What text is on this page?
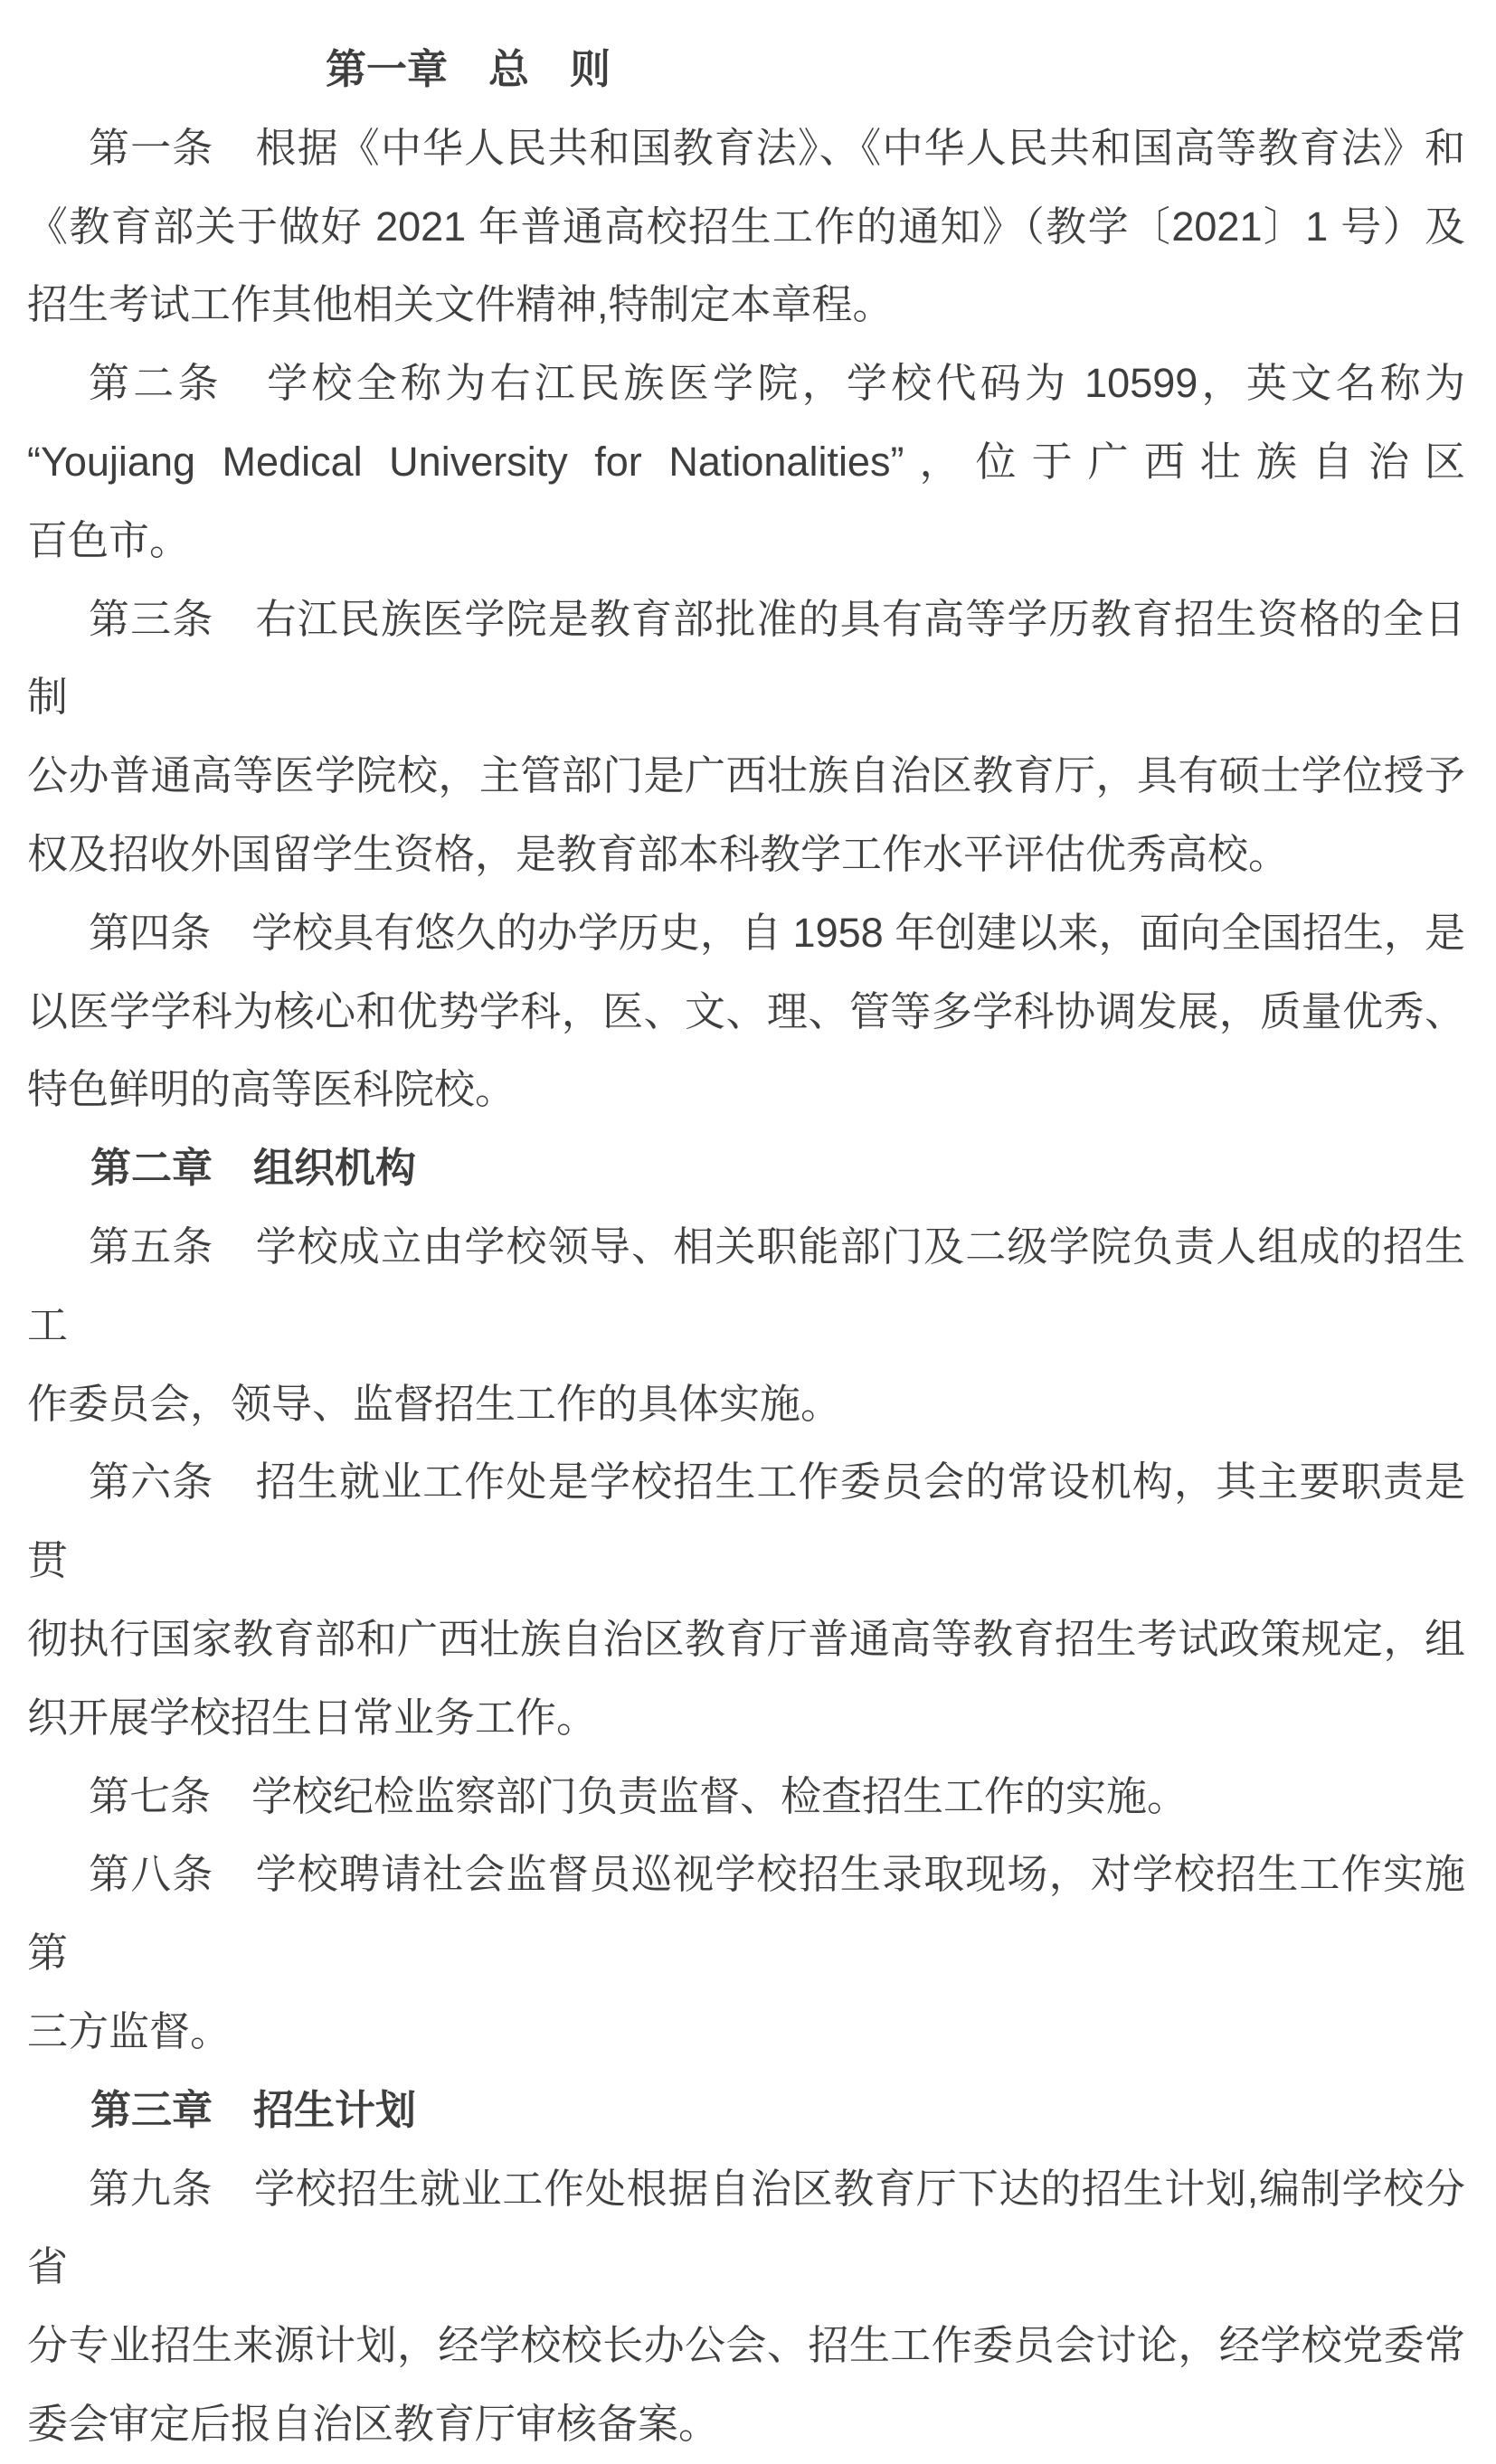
第一章　总　则
第一条　根据《中华人民共和国教育法》、《中华人民共和国高等教育法》和
《教育部关于做好 2021 年普通高校招生工作的通知》（教学〔2021〕1 号）及
招生考试工作其他相关文件精神,特制定本章程。
第二条　学校全称为右江民族医学院，学校代码为 10599，英文名称为
“Youjiang Medical University for Nationalities”，位于广西壮族自治区
百色市。
第三条　右江民族医学院是教育部批准的具有高等学历教育招生资格的全日制
公办普通高等医学院校，主管部门是广西壮族自治区教育厅，具有硕士学位授予
权及招收外国留学生资格，是教育部本科教学工作水平评估优秀高校。
第四条　学校具有悠久的办学历史，自 1958 年创建以来，面向全国招生，是
以医学学科为核心和优势学科，医、文、理、管等多学科协调发展，质量优秀、
特色鲜明的高等医科院校。
第二章　组织机构
第五条　学校成立由学校领导、相关职能部门及二级学院负责人组成的招生工
作委员会，领导、监督招生工作的具体实施。
第六条　招生就业工作处是学校招生工作委员会的常设机构，其主要职责是贯
彻执行国家教育部和广西壮族自治区教育厅普通高等教育招生考试政策规定，组
织开展学校招生日常业务工作。
第七条　学校纪检监察部门负责监督、检查招生工作的实施。
第八条　学校聘请社会监督员巡视学校招生录取现场，对学校招生工作实施第
三方监督。
第三章　招生计划
第九条　学校招生就业工作处根据自治区教育厅下达的招生计划,编制学校分省
分专业招生来源计划，经学校校长办公会、招生工作委员会讨论，经学校党委常
委会审定后报自治区教育厅审核备案。
